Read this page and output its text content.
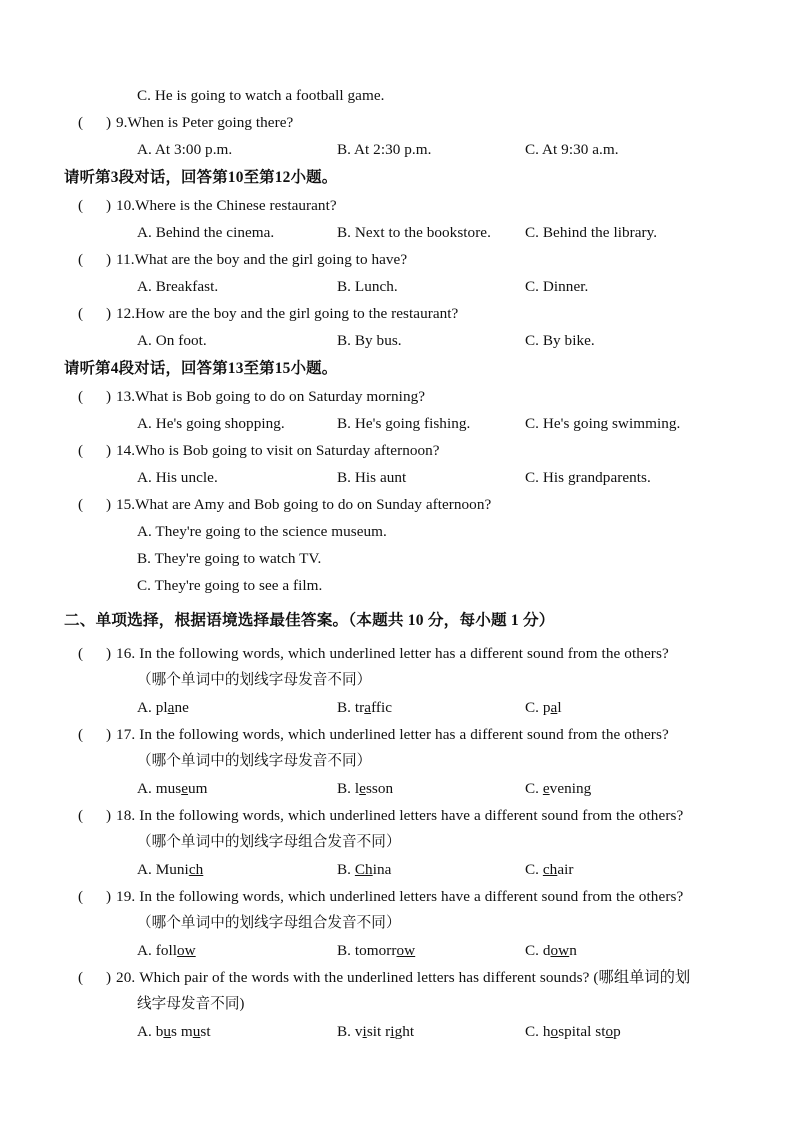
C. He is going to watch a football game.
( ) 9.When is Peter going there?
A. At 3:00 p.m.	B. At 2:30 p.m.	C. At 9:30 a.m.
请听第3段对话，回答第10至第12小题。
( ) 10.Where is the Chinese restaurant?
A. Behind the cinema.	B. Next to the bookstore. C. Behind the library.
( ) 11.What are the boy and the girl going to have?
A. Breakfast.	B. Lunch.	C. Dinner.
( ) 12.How are the boy and the girl going to the restaurant?
A. On foot.	B. By bus.	C. By bike.
请听第4段对话，回答第13至第15小题。
( ) 13.What is Bob going to do on Saturday morning?
A. He's going shopping.	B. He's going fishing.	C. He's going swimming.
( ) 14.Who is Bob going to visit on Saturday afternoon?
A. His uncle.	B. His aunt	C. His grandparents.
( ) 15.What are Amy and Bob going to do on Sunday afternoon?
A. They're going to the science museum.
B. They're going to watch TV.
C. They're going to see a film.
二、单项选择，根据语境选择最佳答案。（本题共 10 分，每小题 1 分）
( ) 16. In the following words, which underlined letter has a different sound from the others?
（哪个单词中的划线字母发音不同）
A. plane	B. traffic	C. pal
( ) 17. In the following words, which underlined letter has a different sound from the others?
（哪个单词中的划线字母发音不同）
A. museum	B. lesson	C. evening
( ) 18. In the following words, which underlined letters have a different sound from the others?
（哪个单词中的划线字母组合发音不同）
A. Munich	B. China	C. chair
( ) 19. In the following words, which underlined letters have a different sound from the others?
（哪个单词中的划线字母组合发音不同）
A. follow	B. tomorrow	C. down
( ) 20. Which pair of the words with the underlined letters has different sounds? (哪组单词的划
线字母发音不同)
A. bus must	B. visit right	C. hospital stop
